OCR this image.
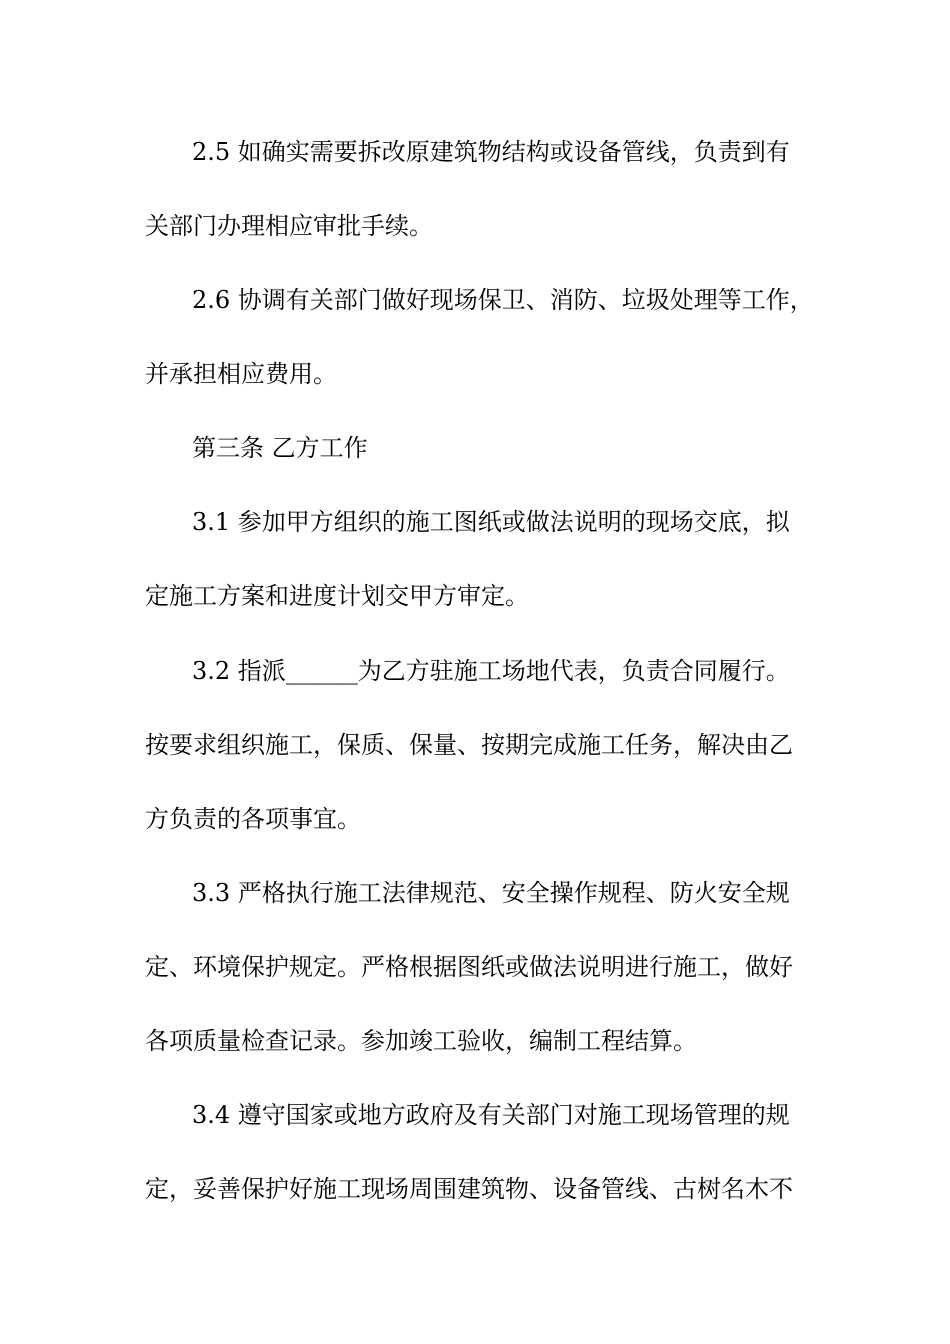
2.5 如确实需要拆改原建筑物结构或设备管线，负责到有
关部门办理相应审批手续。
2.6 协调有关部门做好现场保卫、消防、垃圾处理等工作，
并承担相应费用。
第三条 乙方工作
3.1 参加甲方组织的施工图纸或做法说明的现场交底，拟
定施工方案和进度计划交甲方审定。
3.2 指派______为乙方驻施工场地代表，负责合同履行。
按要求组织施工，保质、保量、按期完成施工任务，解决由乙
方负责的各项事宜。
3.3 严格执行施工法律规范、安全操作规程、防火安全规
定、环境保护规定。严格根据图纸或做法说明进行施工，做好
各项质量检查记录。参加竣工验收，编制工程结算。
3.4 遵守国家或地方政府及有关部门对施工现场管理的规
定，妥善保护好施工现场周围建筑物、设备管线、古树名木不
